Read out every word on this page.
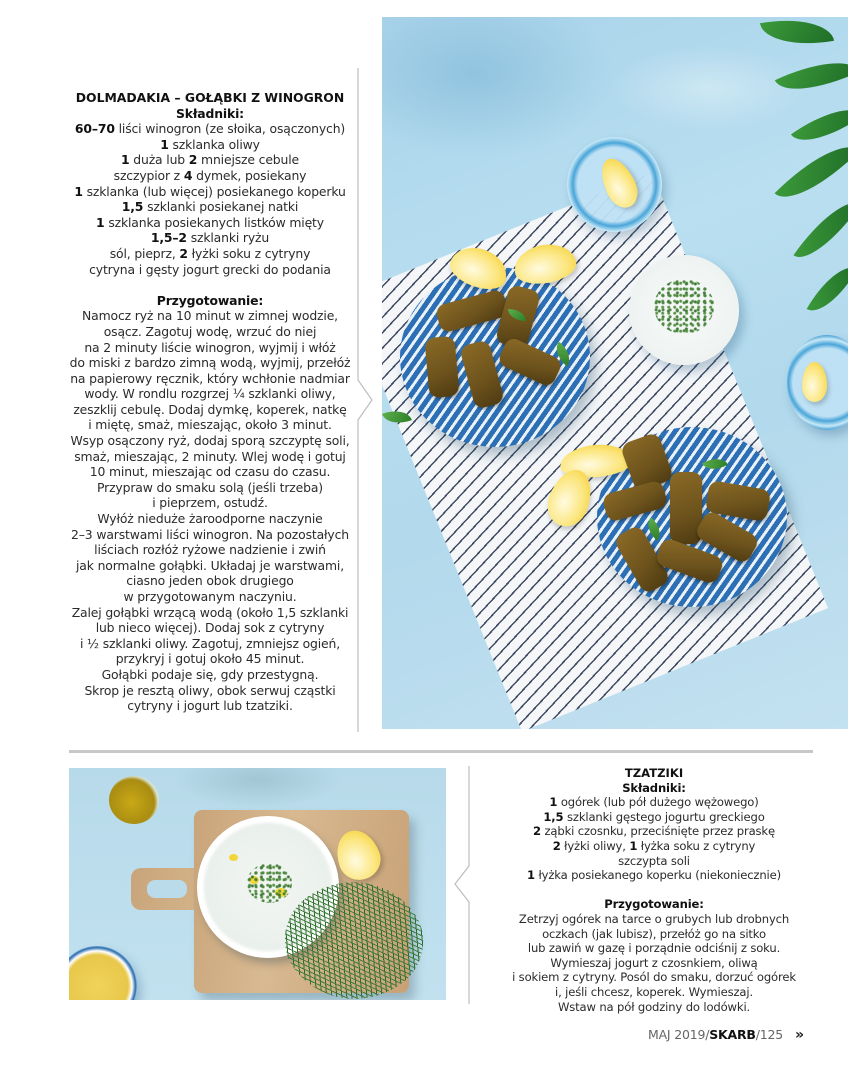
DOLMADAKIA – GOŁĄBKI Z WINOGRON
Składniki:
60–70 liści winogron (ze słoika, osączonych)
1 szklanka oliwy
1 duża lub 2 mniejsze cebule
szczypior z 4 dymek, posiekany
1 szklanka (lub więcej) posiekanego koperku
1,5 szklanki posiekanej natki
1 szklanka posiekanych listków mięty
1,5–2 szklanki ryżu
sól, pieprz, 2 łyżki soku z cytryny
cytryna i gęsty jogurt grecki do podania
Przygotowanie:
Namocz ryż na 10 minut w zimnej wodzie,
osącz. Zagotuj wodę, wrzuć do niej
na 2 minuty liście winogron, wyjmij i włóż
do miski z bardzo zimną wodą, wyjmij, przełóż
na papierowy ręcznik, który wchłonie nadmiar
wody. W rondlu rozgrzej ¼ szklanki oliwy,
zeszklij cebulę. Dodaj dymkę, koperek, natkę
i miętę, smaż, mieszając, około 3 minut.
Wsyp osączony ryż, dodaj sporą szczyptę soli,
smaż, mieszając, 2 minuty. Wlej wodę i gotuj
10 minut, mieszając od czasu do czasu.
Przypraw do smaku solą (jeśli trzeba)
i pieprzem, ostudź.
Wyłóż nieduże żaroodporne naczynie
2–3 warstwami liści winogron. Na pozostałych
liściach rozłóż ryżowe nadzienie i zwiń
jak normalne gołąbki. Układaj je warstwami,
ciasno jeden obok drugiego
w przygotowanym naczyniu.
Zalej gołąbki wrzącą wodą (około 1,5 szklanki
lub nieco więcej). Dodaj sok z cytryny
i ½ szklanki oliwy. Zagotuj, zmniejsz ogień,
przykryj i gotuj około 45 minut.
Gołąbki podaje się, gdy przestygną.
Skrop je resztą oliwy, obok serwuj cząstki
cytryny i jogurt lub tzatziki.
TZATZIKI
Składniki:
1 ogórek (lub pół dużego wężowego)
1,5 szklanki gęstego jogurtu greckiego
2 ząbki czosnku, przeciśnięte przez praskę
2 łyżki oliwy, 1 łyżka soku z cytryny
szczypta soli
1 łyżka posiekanego koperku (niekoniecznie)
Przygotowanie:
Zetrzyj ogórek na tarce o grubych lub drobnych
oczkach (jak lubisz), przełóż go na sitko
lub zawiń w gazę i porządnie odciśnij z soku.
Wymieszaj jogurt z czosnkiem, oliwą
i sokiem z cytryny. Posól do smaku, dorzuć ogórek
i, jeśli chcesz, koperek. Wymieszaj.
Wstaw na pół godziny do lodówki.
MAJ 2019/SKARB/125 »
